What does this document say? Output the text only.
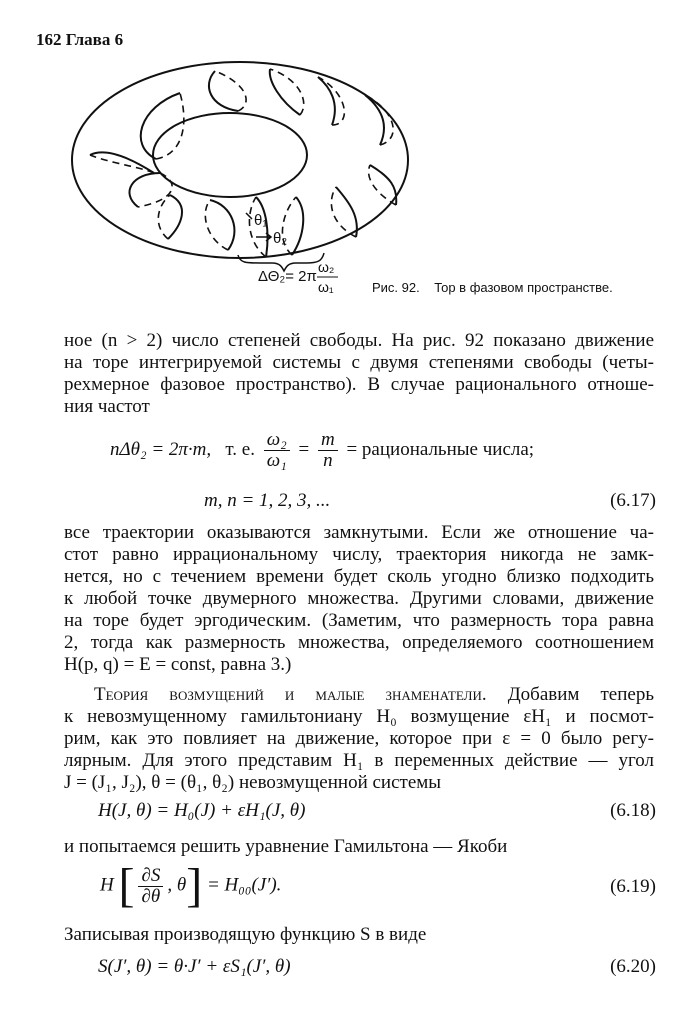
162 Глава 6
θ₁
θ₂
ΔΘ₂= 2π
ω₂
ω₁	Рис. 92. Тор в фазовом пространстве.
ное (n > 2) число степеней свободы. На рис. 92 показано движение
на торе интегрируемой системы с двумя степенями свободы (четы-
рехмерное фазовое пространство). В случае рационального отноше-
ния частот
nΔθ₂ = 2π·m, т. е. $\frac{\text{ω₂}}{\text{ω₁}} = \frac{m}{n}$ = рациональные числа;
m, n = 1, 2, 3, ...	(6.17)
все траектории оказываются замкнутыми. Если же отношение ча-
стот равно иррациональному числу, траектория никогда не замк-
нется, но с течением времени будет сколь угодно близко подходить
к любой точке двумерного множества. Другими словами, движение
на торе будет эргодическим. (Заметим, что размерность тора равна
2, тогда как размерность множества, определяемого соотношением
H(p, q) = E = const, равна 3.)
Теория возмущений и малые знаменатели. Добавим теперь
к невозмущенному гамильтониану H₀ возмущение εH₁ и посмот-
рим, как это повлияет на движение, которое при ε = 0 было регу-
лярным. Для этого представим H₁ в переменных действие — угол
J = (J₁, J₂), θ = (θ₁, θ₂) невозмущенной системы
H(J, θ) = H₀(J) + εH₁(J, θ)	(6.18)
и попытаемся решить уравнение Гамильтона — Якоби
H [ $\frac{\partial S}{\partial\theta}$ , θ] = H₀₀(J′).	(6.19)
Записывая производящую функцию S в виде
S(J′, θ) = θ·J′ + εS₁(J′, θ)	(6.20)
